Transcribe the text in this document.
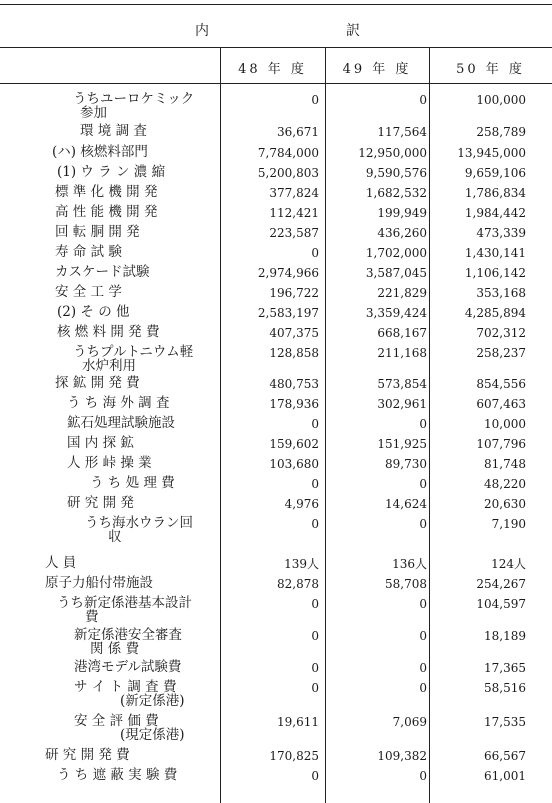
内	訳
48 年 度	49 年 度	50 年 度
うちユーロケミック
参加
0	0	100,000
環 境 調 査	36,671	117,564	258,789
(ハ) 核燃料部門	7,784,000	12,950,000	13,945,000
(1) ウ ラ ン 濃 縮	5,200,803	9,590,576	9,659,106
標 準 化 機 開 発	377,824	1,682,532	1,786,834
高 性 能 機 開 発	112,421	199,949	1,984,442
回 転 胴 開 発	223,587	436,260	473,339
寿 命 試 験	0	1,702,000	1,430,141
カスケード試験	2,974,966	3,587,045	1,106,142
安 全 工 学	196,722	221,829	353,168
(2) そ の 他	2,583,197	3,359,424	4,285,894
核 燃 料 開 発 費	407,375	668,167	702,312
うちプルトニウム軽
水炉利用
128,858	211,168	258,237
探 鉱 開 発 費	480,753	573,854	854,556
う ち 海 外 調 査	178,936	302,961	607,463
鉱石処理試験施設	0	0	10,000
国 内 探 鉱	159,602	151,925	107,796
人 形 峠 操 業	103,680	89,730	81,748
う ち 処 理 費	0	0	48,220
研 究 開 発	4,976	14,624	20,630
うち海水ウラン回
収
0	0	7,190
人 員	139人	136人	124人
原子力船付帯施設	82,878	58,708	254,267
うち新定係港基本設計
費
0	0	104,597
新定係港安全審査
関 係 費
0	0	18,189
港湾モデル試験費	0	0	17,365
サ イ ト 調 査 費
(新定係港)
0	0	58,516
安 全 評 価 費
(現定係港)
19,611	7,069	17,535
研 究 開 発 費	170,825	109,382	66,567
う ち 遮 蔽 実 験 費	0	0	61,001
